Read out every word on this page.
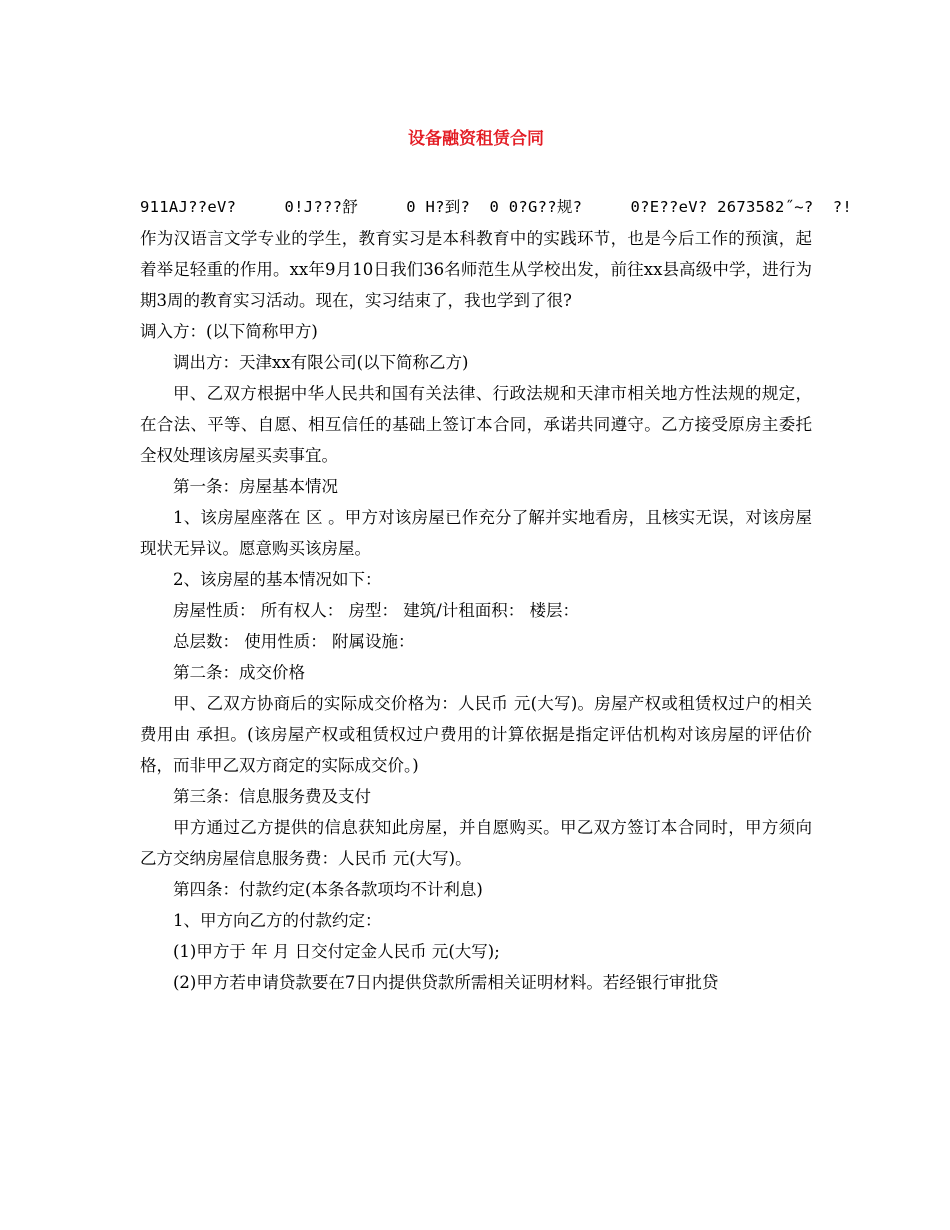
设备融资租赁合同

911AJ??eV?     0!J???舒     0 H?到?  0 0?G??规?     0?E??eV? 2673582˝~?  ?!

作为汉语言文学专业的学生，教育实习是本科教育中的实践环节，也是今后工作的预演，起着举足轻重的作用。xx年9月10日我们36名师范生从学校出发，前往xx县高级中学，进行为期3周的教育实习活动。现在，实习结束了，我也学到了很?

调入方：(以下简称甲方)

调出方：天津xx有限公司(以下简称乙方)

甲、乙双方根据中华人民共和国有关法律、行政法规和天津市相关地方性法规的规定，在合法、平等、自愿、相互信任的基础上签订本合同，承诺共同遵守。乙方接受原房主委托全权处理该房屋买卖事宜。

第一条：房屋基本情况

1、该房屋座落在 区 。甲方对该房屋已作充分了解并实地看房，且核实无误，对该房屋现状无异议。愿意购买该房屋。

2、该房屋的基本情况如下：

房屋性质： 所有权人： 房型： 建筑/计租面积： 楼层：

总层数： 使用性质： 附属设施：

第二条：成交价格

甲、乙双方协商后的实际成交价格为：人民币 元(大写)。房屋产权或租赁权过户的相关费用由 承担。(该房屋产权或租赁权过户费用的计算依据是指定评估机构对该房屋的评估价格，而非甲乙双方商定的实际成交价。)

第三条：信息服务费及支付

甲方通过乙方提供的信息获知此房屋，并自愿购买。甲乙双方签订本合同时，甲方须向乙方交纳房屋信息服务费：人民币 元(大写)。

第四条：付款约定(本条各款项均不计利息)

1、甲方向乙方的付款约定：

(1)甲方于 年 月 日交付定金人民币 元(大写);

(2)甲方若申请贷款要在7日内提供贷款所需相关证明材料。若经银行审批贷
